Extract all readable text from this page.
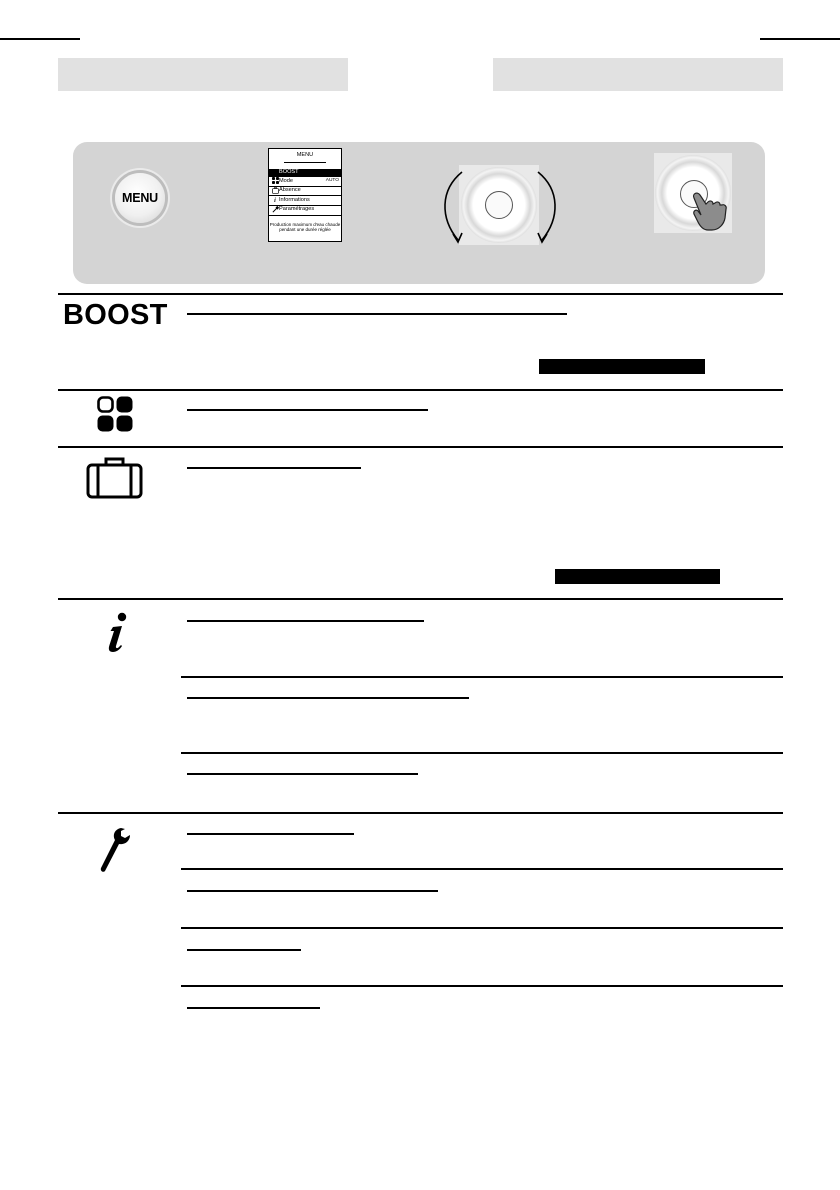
MENU
MENU
BOOST
Mode	AUTO
Absence
i Informations
Paramétrages
Production maximum d'eau chaude
pendant une durée réglée
BOOST
